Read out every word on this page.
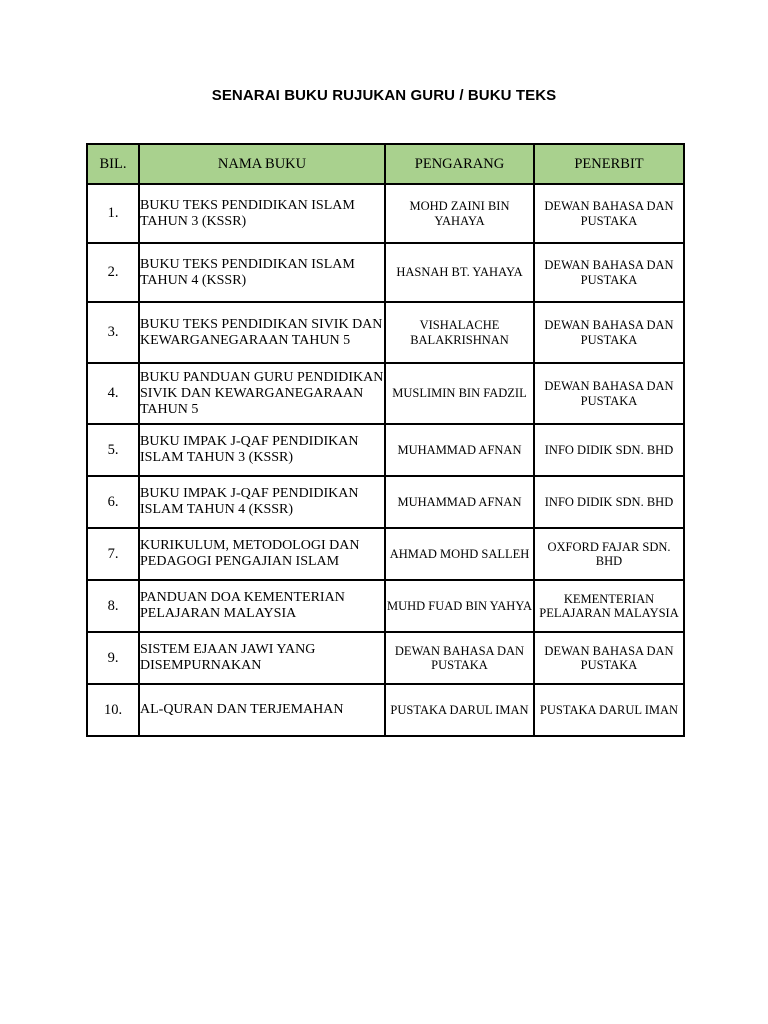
SENARAI BUKU RUJUKAN GURU / BUKU TEKS
BIL.	NAMA BUKU	PENGARANG	PENERBIT
1.	BUKU TEKS PENDIDIKAN ISLAM TAHUN 3 (KSSR)	MOHD ZAINI BIN YAHAYA	DEWAN BAHASA DAN PUSTAKA
2.	BUKU TEKS PENDIDIKAN ISLAM TAHUN 4 (KSSR)	HASNAH BT. YAHAYA	DEWAN BAHASA DAN PUSTAKA
3.	BUKU TEKS PENDIDIKAN SIVIK DAN KEWARGANEGARAAN TAHUN 5	VISHALACHE BALAKRISHNAN	DEWAN BAHASA DAN PUSTAKA
4.	BUKU PANDUAN GURU PENDIDIKAN SIVIK DAN KEWARGANEGARAAN TAHUN 5	MUSLIMIN BIN FADZIL	DEWAN BAHASA DAN PUSTAKA
5.	BUKU IMPAK J-QAF PENDIDIKAN ISLAM TAHUN 3 (KSSR)	MUHAMMAD AFNAN	INFO DIDIK SDN. BHD
6.	BUKU IMPAK J-QAF PENDIDIKAN ISLAM TAHUN 4 (KSSR)	MUHAMMAD AFNAN	INFO DIDIK SDN. BHD
7.	KURIKULUM, METODOLOGI DAN PEDAGOGI PENGAJIAN ISLAM	AHMAD MOHD SALLEH	OXFORD FAJAR SDN. BHD
8.	PANDUAN DOA KEMENTERIAN PELAJARAN MALAYSIA	MUHD FUAD BIN YAHYA	KEMENTERIAN PELAJARAN MALAYSIA
9.	SISTEM EJAAN JAWI YANG DISEMPURNAKAN	DEWAN BAHASA DAN PUSTAKA	DEWAN BAHASA DAN PUSTAKA
10.	AL-QURAN DAN TERJEMAHAN	PUSTAKA DARUL IMAN	PUSTAKA DARUL IMAN
